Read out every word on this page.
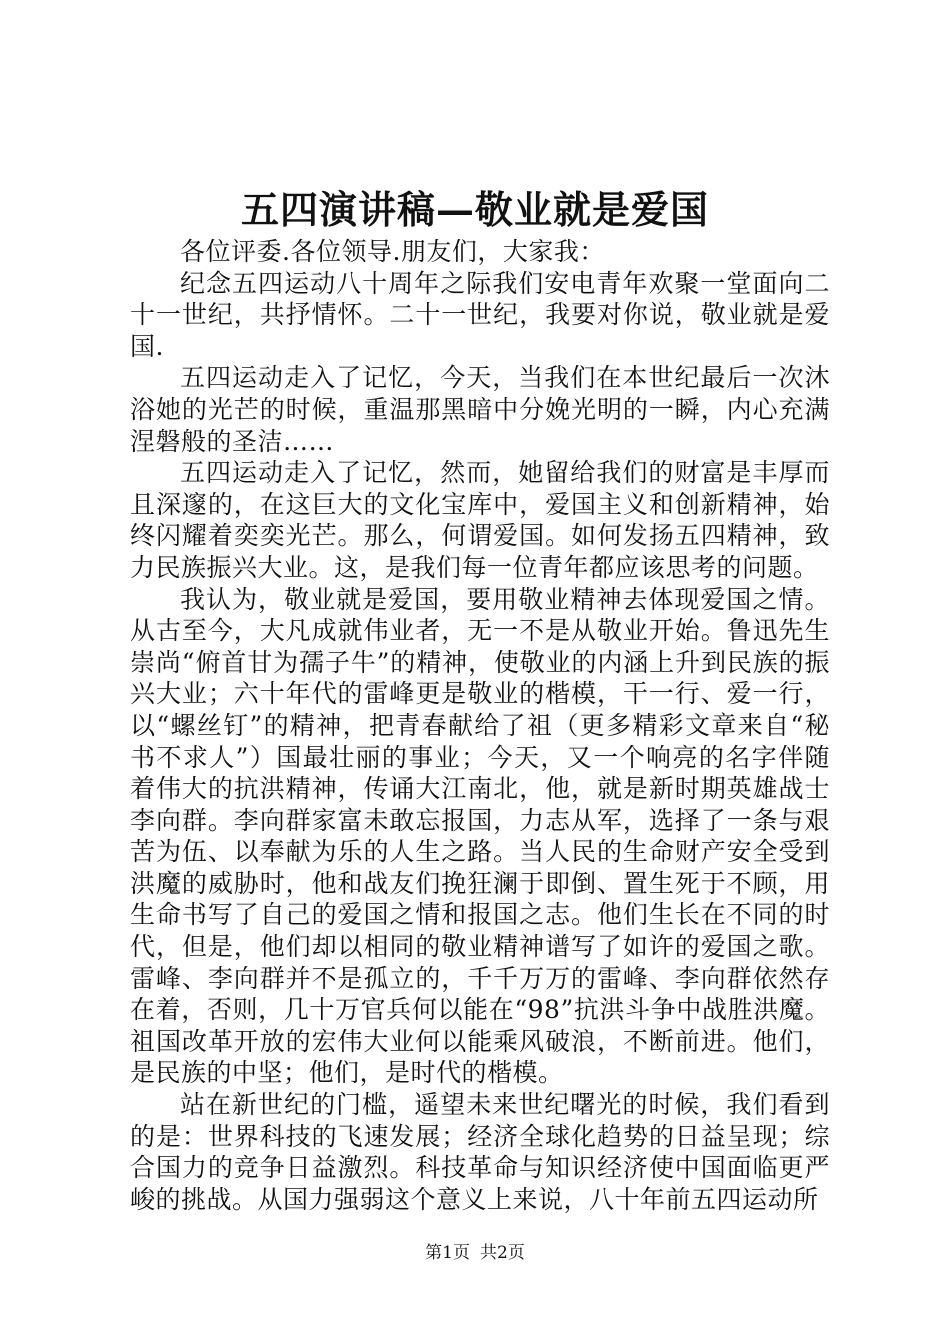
五四演讲稿—敬业就是爱国

各位评委.各位领导.朋友们，大家我：

纪念五四运动八十周年之际我们安电青年欢聚一堂面向二十一世纪，共抒情怀。二十一世纪，我要对你说，敬业就是爱国.

五四运动走入了记忆，今天，当我们在本世纪最后一次沐浴她的光芒的时候，重温那黑暗中分娩光明的一瞬，内心充满涅磐般的圣洁……

五四运动走入了记忆，然而，她留给我们的财富是丰厚而且深邃的，在这巨大的文化宝库中，爱国主义和创新精神，始终闪耀着奕奕光芒。那么，何谓爱国。如何发扬五四精神，致力民族振兴大业。这，是我们每一位青年都应该思考的问题。

我认为，敬业就是爱国，要用敬业精神去体现爱国之情。从古至今，大凡成就伟业者，无一不是从敬业开始。鲁迅先生崇尚“俯首甘为孺子牛”的精神，使敬业的内涵上升到民族的振兴大业；六十年代的雷峰更是敬业的楷模，干一行、爱一行，以“螺丝钉”的精神，把青春献给了祖（更多精彩文章来自“秘书不求人”）国最壮丽的事业；今天，又一个响亮的名字伴随着伟大的抗洪精神，传诵大江南北，他，就是新时期英雄战士李向群。李向群家富未敢忘报国，力志从军，选择了一条与艰苦为伍、以奉献为乐的人生之路。当人民的生命财产安全受到洪魔的威胁时，他和战友们挽狂澜于即倒、置生死于不顾，用生命书写了自己的爱国之情和报国之志。他们生长在不同的时代，但是，他们却以相同的敬业精神谱写了如许的爱国之歌。雷峰、李向群并不是孤立的，千千万万的雷峰、李向群依然存在着，否则，几十万官兵何以能在“98”抗洪斗争中战胜洪魔。祖国改革开放的宏伟大业何以能乘风破浪，不断前进。他们，是民族的中坚；他们，是时代的楷模。

站在新世纪的门槛，遥望未来世纪曙光的时候，我们看到的是：世界科技的飞速发展；经济全球化趋势的日益呈现；综合国力的竞争日益激烈。科技革命与知识经济使中国面临更严峻的挑战。从国力强弱这个意义上来说，八十年前五四运动所

第1页 共2页
